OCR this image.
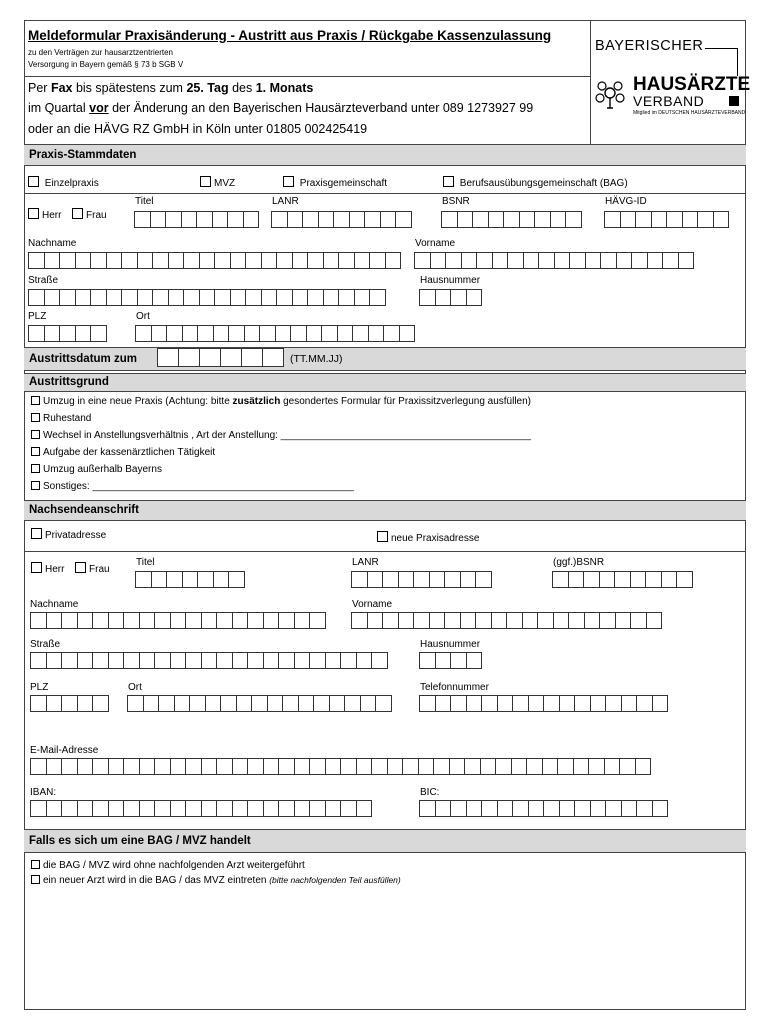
Meldeformular Praxisänderung - Austritt aus Praxis / Rückgabe Kassenzulassung
zu den Verträgen zur hausarztzentrierten
Versorgung in Bayern gemäß § 73 b SGB V
Per Fax bis spätestens zum 25. Tag des 1. Monats
im Quartal vor der Änderung an den Bayerischen Hausärzteverband unter 089 1273927 99
oder an die HÄVG RZ GmbH in Köln unter 01805 002425419
BAYERISCHER
HAUSÄRZTE
VERBAND
Mitglied im DEUTSCHEN HAUSÄRZTEVERBAND
Praxis-Stammdaten
Einzelpraxis	MVZ	Praxisgemeinschaft	Berufsausübungsgemeinschaft (BAG)
Herr	Frau
Titel	LANR	BSNR	HÄVG-ID
Nachname	Vorname
Straße	Hausnummer
PLZ	Ort
Austrittsdatum zum	(TT.MM.JJ)
Austrittsgrund
Umzug in eine neue Praxis (Achtung: bitte zusätzlich gesondertes Formular für Praxissitzverlegung ausfüllen)
Ruhestand
Wechsel in Anstellungsverhältnis , Art der Anstellung: _____________________________________________
Aufgabe der kassenärztlichen Tätigkeit
Umzug außerhalb Bayerns
Sonstiges: _______________________________________________
Nachsendeanschrift
Privatadresse	neue Praxisadresse
Herr	Frau
Titel	LANR	(ggf.)BSNR
Nachname	Vorname
Straße	Hausnummer
PLZ	Ort	Telefonnummer
E-Mail-Adresse
IBAN:	BIC:
Falls es sich um eine BAG / MVZ handelt
die BAG / MVZ wird ohne nachfolgenden Arzt weitergeführt
ein neuer Arzt wird in die BAG / das MVZ eintreten (bitte nachfolgenden Teil ausfüllen)
